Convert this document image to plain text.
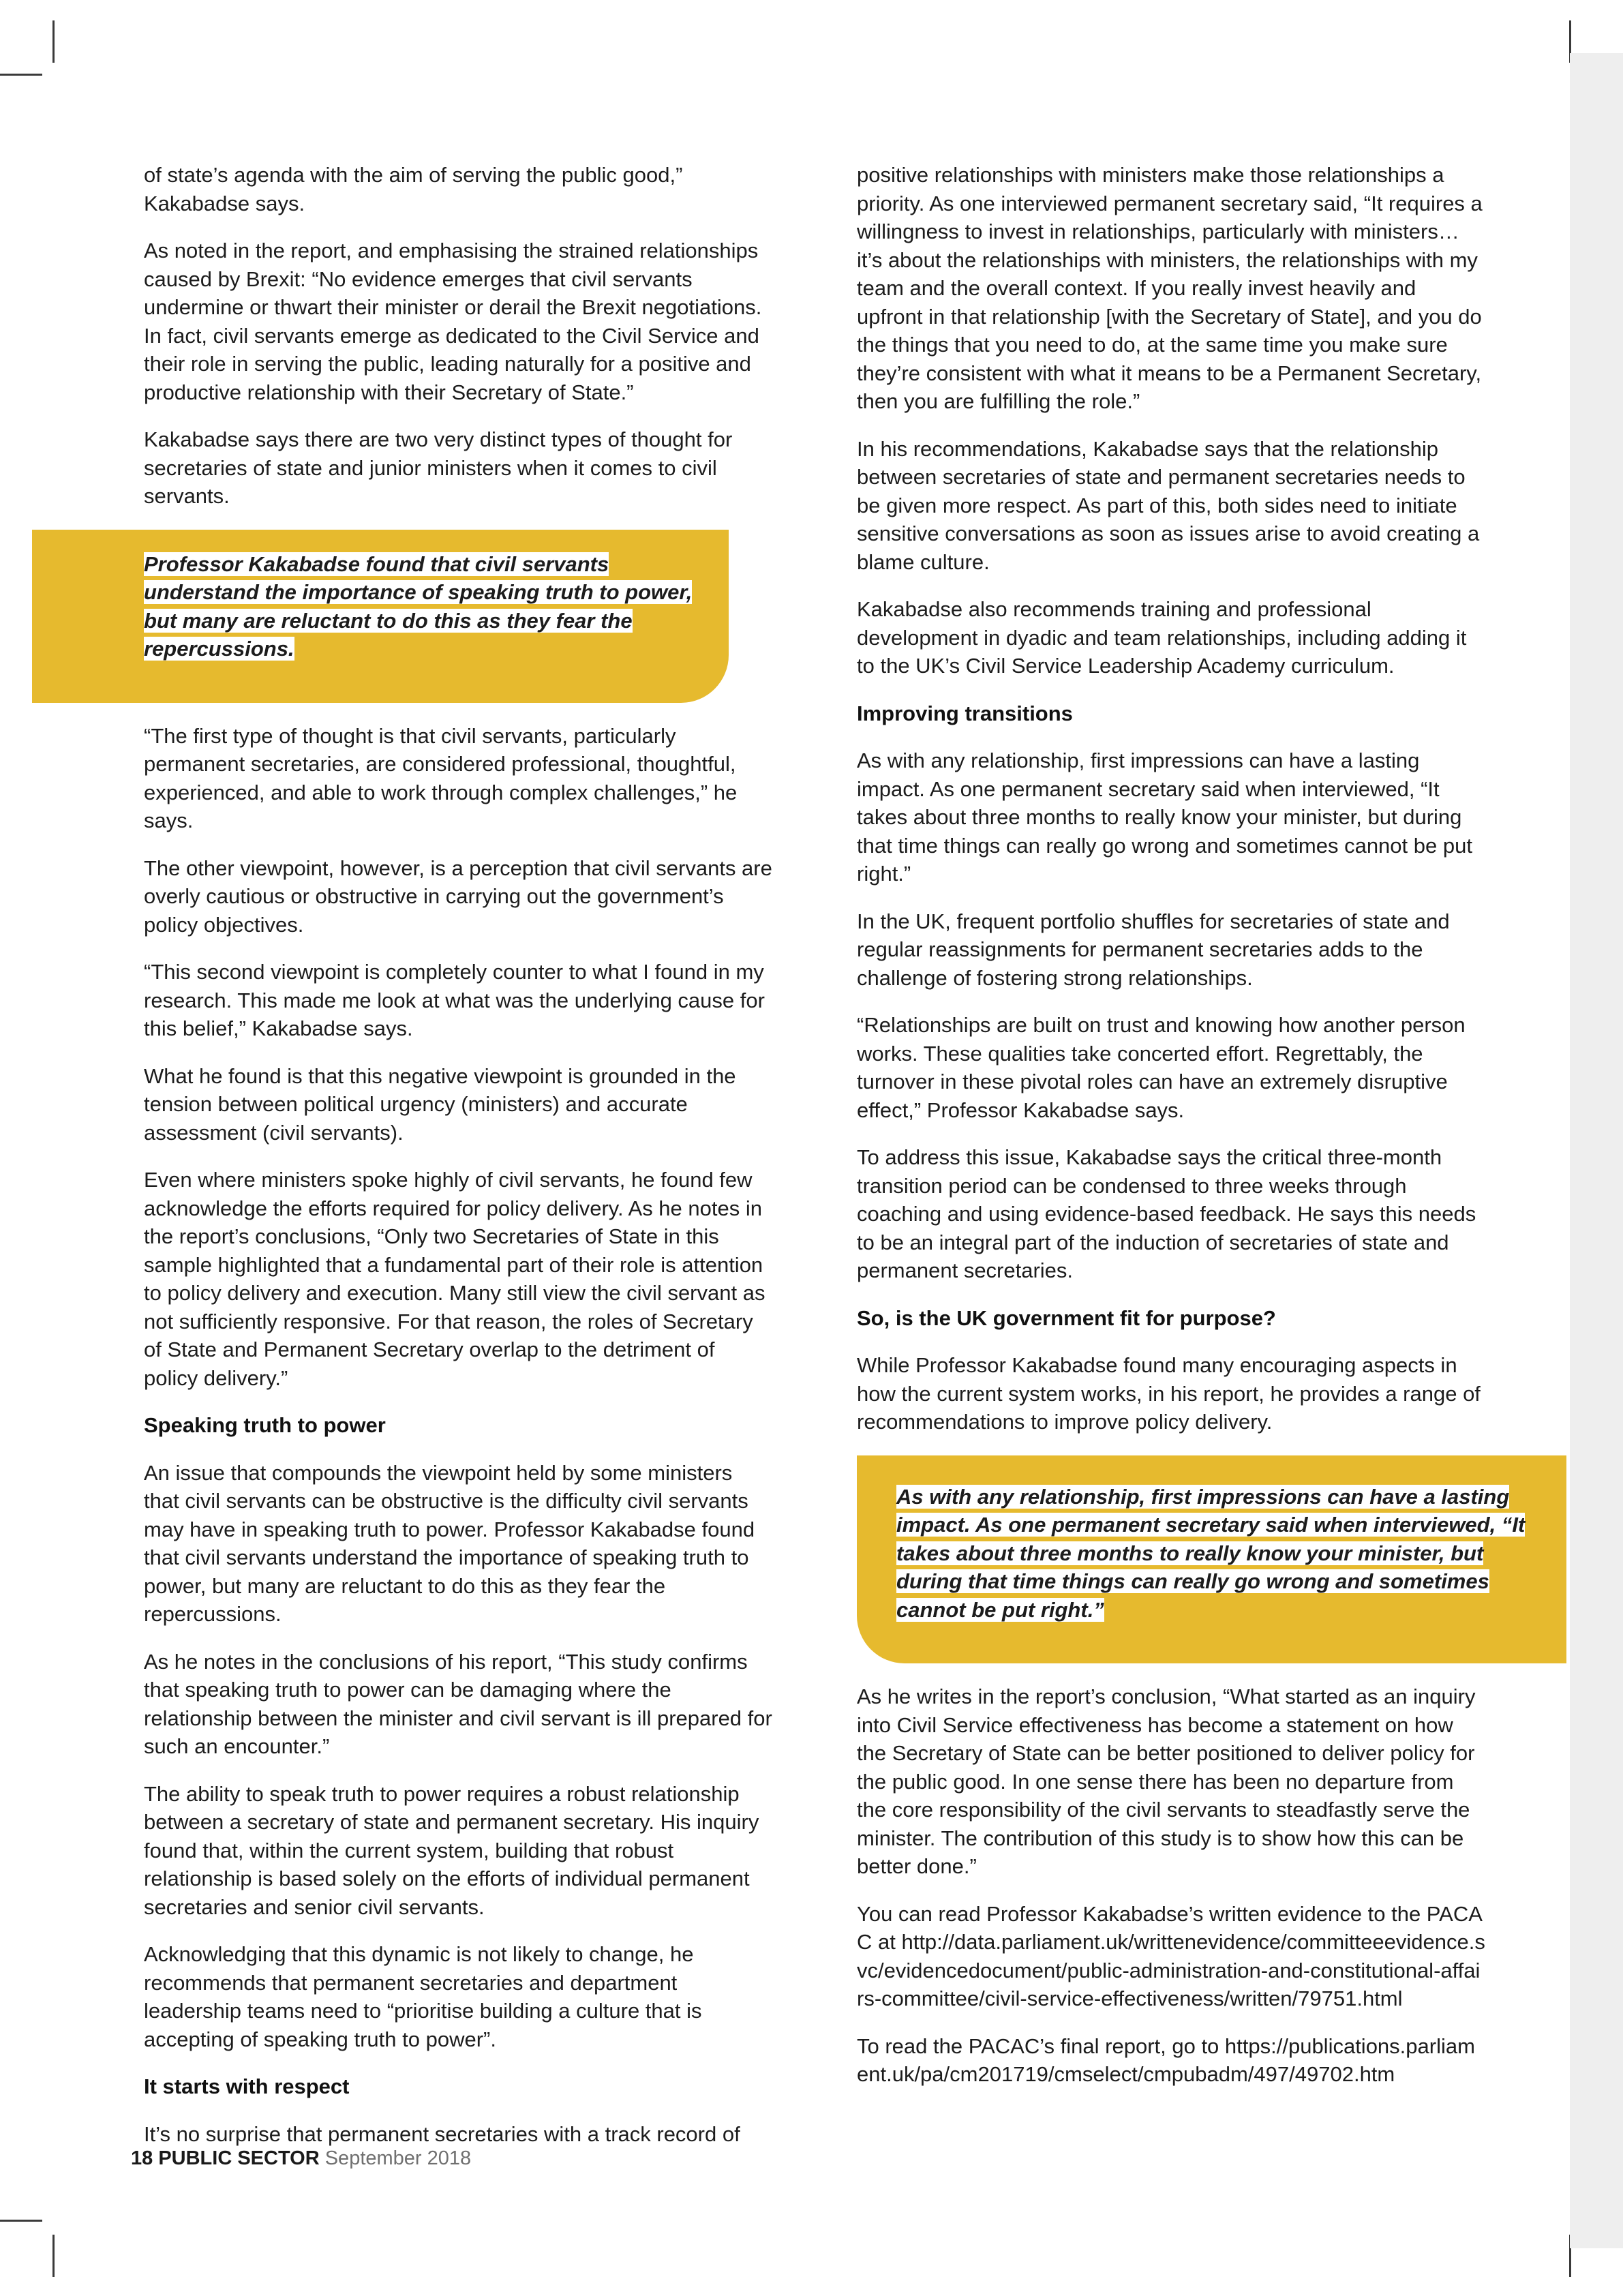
of state’s agenda with the aim of serving the public good,” Kakabadse says.

As noted in the report, and emphasising the strained relationships caused by Brexit: “No evidence emerges that civil servants undermine or thwart their minister or derail the Brexit negotiations. In fact, civil servants emerge as dedicated to the Civil Service and their role in serving the public, leading naturally for a positive and productive relationship with their Secretary of State.”

Kakabadse says there are two very distinct types of thought for secretaries of state and junior ministers when it comes to civil servants.

Professor Kakabadse found that civil servants understand the importance of speaking truth to power, but many are reluctant to do this as they fear the repercussions.

“The first type of thought is that civil servants, particularly permanent secretaries, are considered professional, thoughtful, experienced, and able to work through complex challenges,” he says.

The other viewpoint, however, is a perception that civil servants are overly cautious or obstructive in carrying out the government’s policy objectives.

“This second viewpoint is completely counter to what I found in my research. This made me look at what was the underlying cause for this belief,” Kakabadse says.

What he found is that this negative viewpoint is grounded in the tension between political urgency (ministers) and accurate assessment (civil servants).

Even where ministers spoke highly of civil servants, he found few acknowledge the efforts required for policy delivery. As he notes in the report’s conclusions, “Only two Secretaries of State in this sample highlighted that a fundamental part of their role is attention to policy delivery and execution. Many still view the civil servant as not sufficiently responsive. For that reason, the roles of Secretary of State and Permanent Secretary overlap to the detriment of policy delivery.”

Speaking truth to power

An issue that compounds the viewpoint held by some ministers that civil servants can be obstructive is the difficulty civil servants may have in speaking truth to power. Professor Kakabadse found that civil servants understand the importance of speaking truth to power, but many are reluctant to do this as they fear the repercussions.

As he notes in the conclusions of his report, “This study confirms that speaking truth to power can be damaging where the relationship between the minister and civil servant is ill prepared for such an encounter.”

The ability to speak truth to power requires a robust relationship between a secretary of state and permanent secretary. His inquiry found that, within the current system, building that robust relationship is based solely on the efforts of individual permanent secretaries and senior civil servants.

Acknowledging that this dynamic is not likely to change, he recommends that permanent secretaries and department leadership teams need to “prioritise building a culture that is accepting of speaking truth to power”.

It starts with respect

It’s no surprise that permanent secretaries with a track record of

positive relationships with ministers make those relationships a priority. As one interviewed permanent secretary said, “It requires a willingness to invest in relationships, particularly with ministers… it’s about the relationships with ministers, the relationships with my team and the overall context. If you really invest heavily and upfront in that relationship [with the Secretary of State], and you do the things that you need to do, at the same time you make sure they’re consistent with what it means to be a Permanent Secretary, then you are fulfilling the role.”

In his recommendations, Kakabadse says that the relationship between secretaries of state and permanent secretaries needs to be given more respect. As part of this, both sides need to initiate sensitive conversations as soon as issues arise to avoid creating a blame culture.

Kakabadse also recommends training and professional development in dyadic and team relationships, including adding it to the UK’s Civil Service Leadership Academy curriculum.

Improving transitions

As with any relationship, first impressions can have a lasting impact. As one permanent secretary said when interviewed, “It takes about three months to really know your minister, but during that time things can really go wrong and sometimes cannot be put right.”

In the UK, frequent portfolio shuffles for secretaries of state and regular reassignments for permanent secretaries adds to the challenge of fostering strong relationships.

“Relationships are built on trust and knowing how another person works. These qualities take concerted effort. Regrettably, the turnover in these pivotal roles can have an extremely disruptive effect,” Professor Kakabadse says.

To address this issue, Kakabadse says the critical three-month transition period can be condensed to three weeks through coaching and using evidence-based feedback. He says this needs to be an integral part of the induction of secretaries of state and permanent secretaries.

So, is the UK government fit for purpose?

While Professor Kakabadse found many encouraging aspects in how the current system works, in his report, he provides a range of recommendations to improve policy delivery.

As with any relationship, first impressions can have a lasting impact. As one permanent secretary said when interviewed, “It takes about three months to really know your minister, but during that time things can really go wrong and sometimes cannot be put right.”

As he writes in the report’s conclusion, “What started as an inquiry into Civil Service effectiveness has become a statement on how the Secretary of State can be better positioned to deliver policy for the public good. In one sense there has been no departure from the core responsibility of the civil servants to steadfastly serve the minister. The contribution of this study is to show how this can be better done.”

You can read Professor Kakabadse’s written evidence to the PACAC at http://data.parliament.uk/writtenevidence/committeeevidence.svc/evidencedocument/public-administration-and-constitutional-affairs-committee/civil-service-effectiveness/written/79751.html

To read the PACAC’s final report, go to https://publications.parliament.uk/pa/cm201719/cmselect/cmpubadm/497/49702.htm

18 PUBLIC SECTOR September 2018
